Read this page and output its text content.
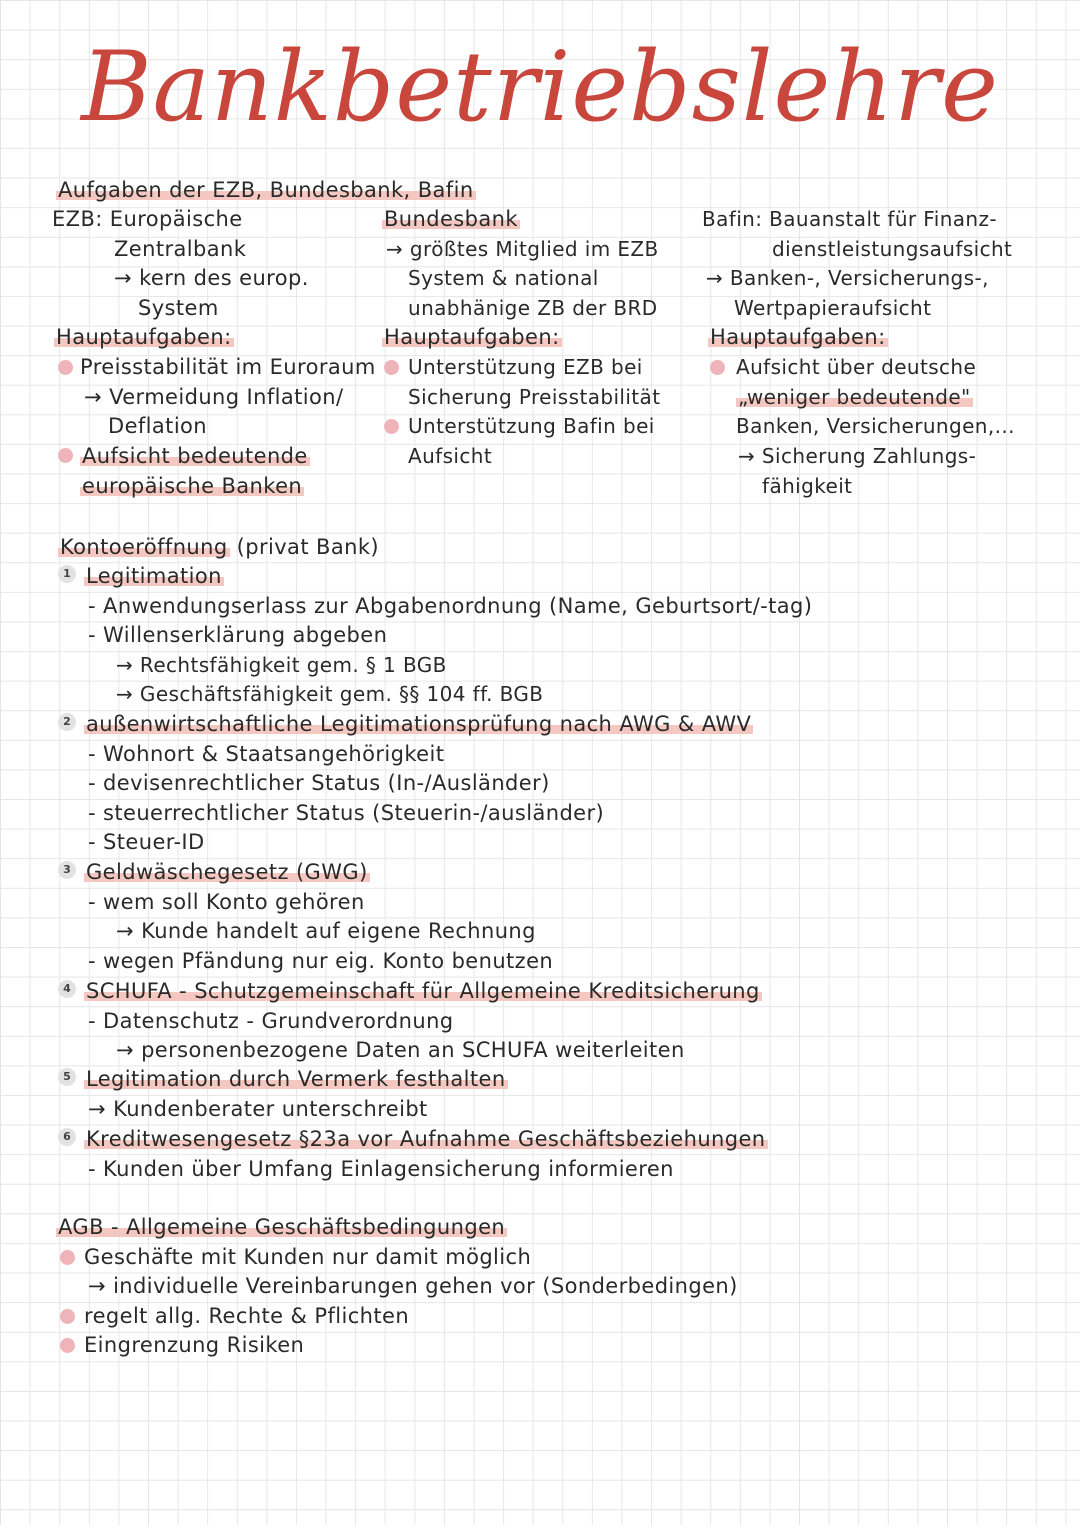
Bankbetriebslehre
Aufgaben der EZB, Bundesbank, Bafin
EZB: Europäische
Zentralbank
→ kern des europ.
System
Hauptaufgaben:
Preisstabilität im Euroraum
→ Vermeidung Inflation/
Deflation
Aufsicht bedeutende
europäische Banken
Bundesbank
→ größtes Mitglied im EZB
System & national
unabhänige ZB der BRD
Hauptaufgaben:
Unterstützung EZB bei
Sicherung Preisstabilität
Unterstützung Bafin bei
Aufsicht
Bafin: Bauanstalt für Finanz-
dienstleistungsaufsicht
→ Banken-, Versicherungs-,
Wertpapieraufsicht
Hauptaufgaben:
Aufsicht über deutsche
„weniger bedeutende"
Banken, Versicherungen,...
→ Sicherung Zahlungs-
fähigkeit
Kontoeröffnung (privat Bank)
1 Legitimation
- Anwendungserlass zur Abgabenordnung (Name, Geburtsort/-tag)
- Willenserklärung abgeben
→ Rechtsfähigkeit gem. § 1 BGB
→ Geschäftsfähigkeit gem. §§ 104 ff. BGB
2 außenwirtschaftliche Legitimationsprüfung nach AWG & AWV
- Wohnort & Staatsangehörigkeit
- devisenrechtlicher Status (In-/Ausländer)
- steuerrechtlicher Status (Steuerin-/ausländer)
- Steuer-ID
3 Geldwäschegesetz (GWG)
- wem soll Konto gehören
→ Kunde handelt auf eigene Rechnung
- wegen Pfändung nur eig. Konto benutzen
4 SCHUFA - Schutzgemeinschaft für Allgemeine Kreditsicherung
- Datenschutz - Grundverordnung
→ personenbezogene Daten an SCHUFA weiterleiten
5 Legitimation durch Vermerk festhalten
→ Kundenberater unterschreibt
6 Kreditwesengesetz §23a vor Aufnahme Geschäftsbeziehungen
- Kunden über Umfang Einlagensicherung informieren
AGB - Allgemeine Geschäftsbedingungen
Geschäfte mit Kunden nur damit möglich
→ individuelle Vereinbarungen gehen vor (Sonderbedingen)
regelt allg. Rechte & Pflichten
Eingrenzung Risiken
